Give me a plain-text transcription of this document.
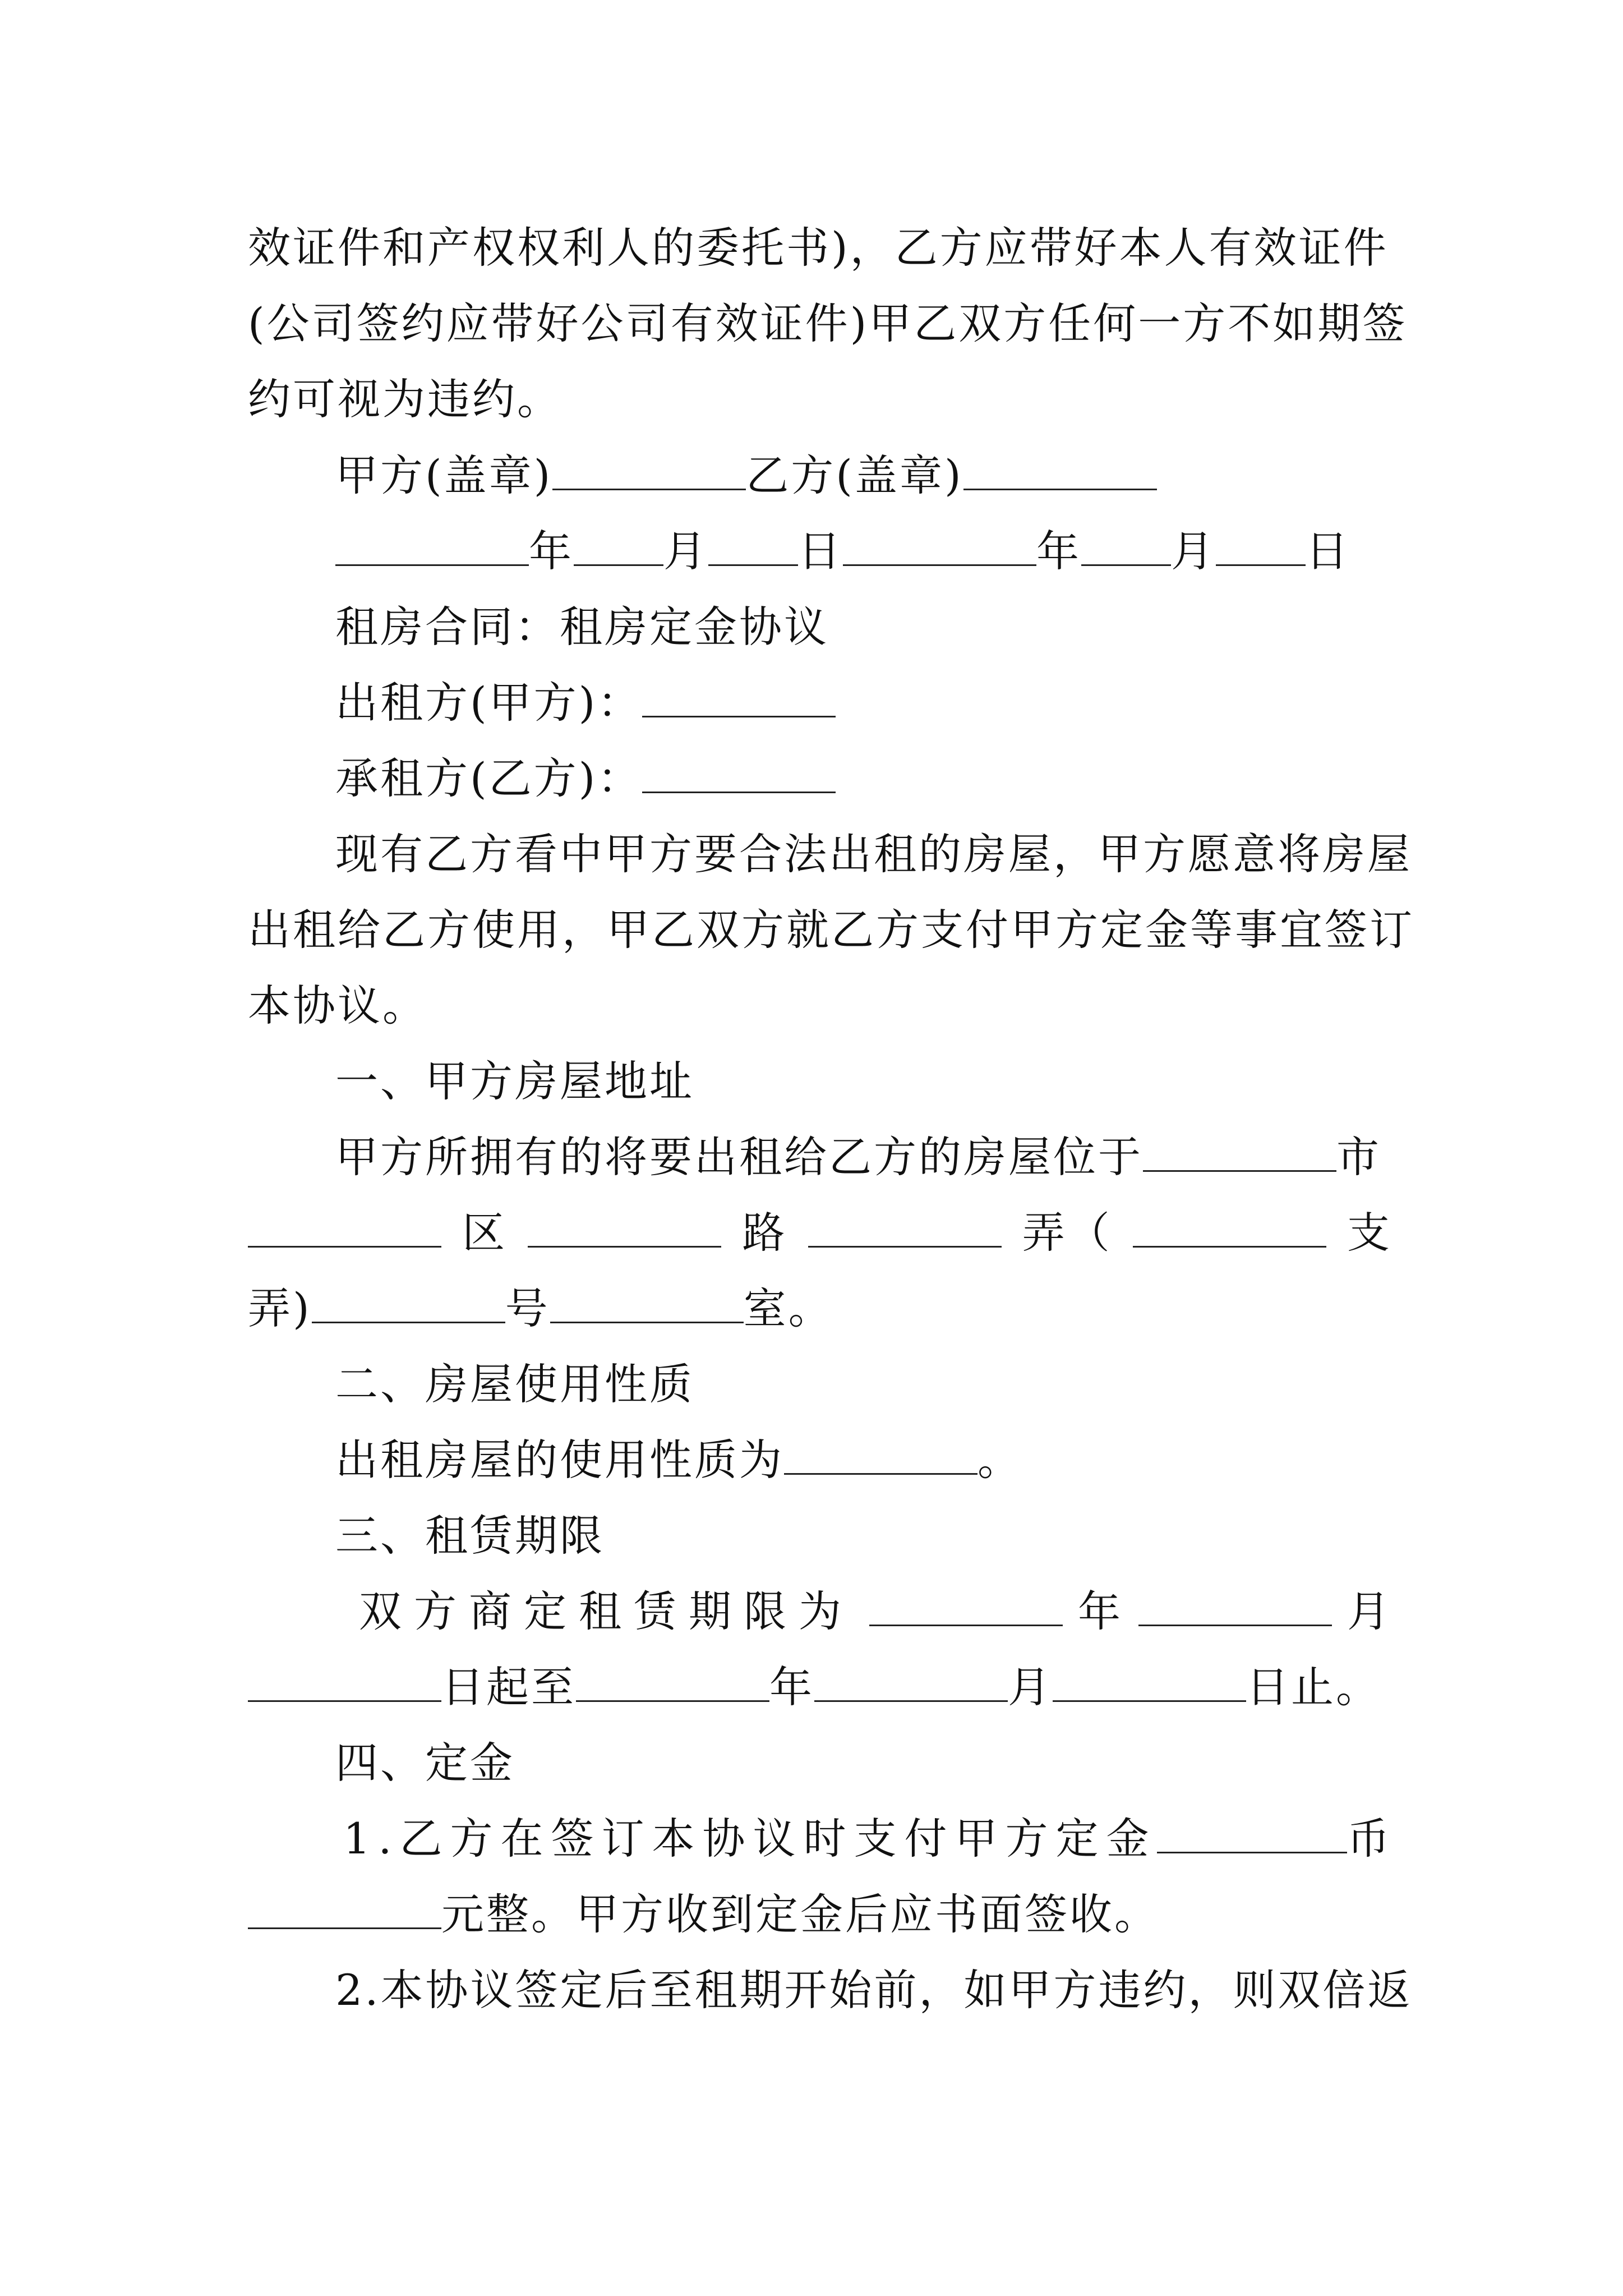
效证件和产权权利人的委托书)，乙方应带好本人有效证件
(公司签约应带好公司有效证件)甲乙双方任何一方不如期签
约可视为违约。
甲方(盖章)	乙方(盖章)
年 月 日	年 月 日
租房合同：租房定金协议
出租方(甲方)：
承租方(乙方)：
现有乙方看中甲方要合法出租的房屋，甲方愿意将房屋
出租给乙方使用，甲乙双方就乙方支付甲方定金等事宜签订
本协议。
一、甲方房屋地址
甲方所拥有的将要出租给乙方的房屋位于	市
区	路	弄（	支
弄)	号	室。
二、房屋使用性质
出租房屋的使用性质为	。
三、租赁期限
双方商定租赁期限为	年	月
日起至	年	月	日止。
四、定金
1.乙方在签订本协议时支付甲方定金	币
元整。甲方收到定金后应书面签收。
2.本协议签定后至租期开始前，如甲方违约，则双倍返
